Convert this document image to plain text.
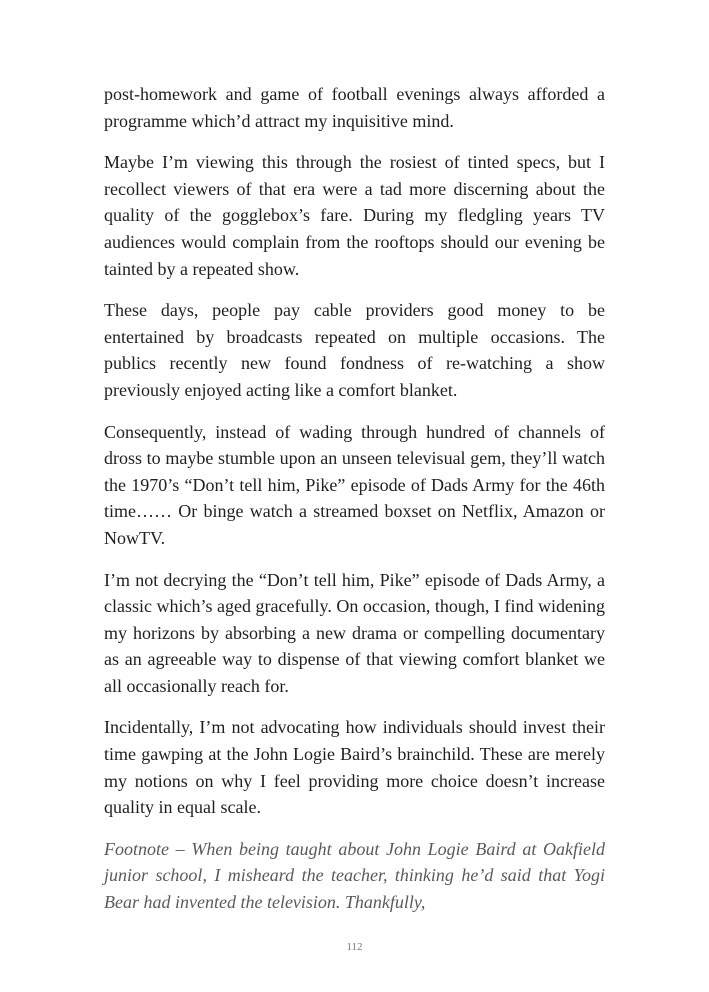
post-homework and game of football evenings always afforded a programme which’d attract my inquisitive mind.

Maybe I’m viewing this through the rosiest of tinted specs, but I recollect viewers of that era were a tad more discerning about the quality of the gogglebox’s fare. During my fledgling years TV audiences would complain from the rooftops should our evening be tainted by a repeated show.

These days, people pay cable providers good money to be entertained by broadcasts repeated on multiple occasions. The publics recently new found fondness of re-watching a show previously enjoyed acting like a comfort blanket.

Consequently, instead of wading through hundred of channels of dross to maybe stumble upon an unseen televisual gem, they’ll watch the 1970’s “Don’t tell him, Pike” episode of Dads Army for the 46th time…… Or binge watch a streamed boxset on Netflix, Amazon or NowTV.

I’m not decrying the “Don’t tell him, Pike” episode of Dads Army, a classic which’s aged gracefully. On occasion, though, I find widening my horizons by absorbing a new drama or compelling documentary as an agreeable way to dispense of that viewing comfort blanket we all occasionally reach for.

Incidentally, I’m not advocating how individuals should invest their time gawping at the John Logie Baird’s brainchild. These are merely my notions on why I feel providing more choice doesn’t increase quality in equal scale.

Footnote – When being taught about John Logie Baird at Oakfield junior school, I misheard the teacher, thinking he’d said that Yogi Bear had invented the television. Thankfully,

112
